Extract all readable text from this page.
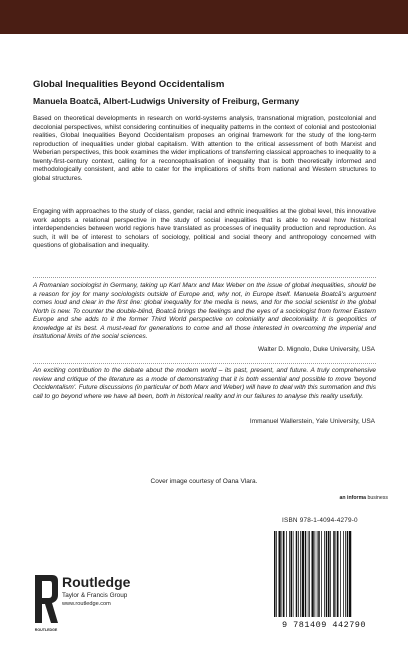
Global Inequalities Beyond Occidentalism
Manuela Boatcă, Albert-Ludwigs University of Freiburg, Germany

Based on theoretical developments in research on world-systems analysis, transnational migration, postcolonial and decolonial perspectives, whilst considering continuities of inequality patterns in the context of colonial and postcolonial realities, Global Inequalities Beyond Occidentalism proposes an original framework for the study of the long-term reproduction of inequalities under global capitalism. With attention to the critical assessment of both Marxist and Weberian perspectives, this book examines the wider implications of transferring classical approaches to inequality to a twenty-first-century context, calling for a reconceptualisation of inequality that is both theoretically informed and methodologically consistent, and able to cater for the implications of shifts from national and Western structures to global structures.

Engaging with approaches to the study of class, gender, racial and ethnic inequalities at the global level, this innovative work adopts a relational perspective in the study of social inequalities that is able to reveal how historical interdependencies between world regions have translated as processes of inequality production and reproduction. As such, it will be of interest to scholars of sociology, political and social theory and anthropology concerned with questions of globalisation and inequality.

A Romanian sociologist in Germany, taking up Karl Marx and Max Weber on the issue of global inequalities, should be a reason for joy for many sociologists outside of Europe and, why not, in Europe itself. Manuela Boatcă's argument comes loud and clear in the first line: global inequality for the media is news, and for the social scientist in the global North is new. To counter the double-blind, Boatcă brings the feelings and the eyes of a sociologist from former Eastern Europe and she adds to it the former Third World perspective on coloniality and decoloniality. It is geopolitics of knowledge at its best. A must-read for generations to come and all those interested in overcoming the imperial and institutional limits of the social sciences.

Walter D. Mignolo, Duke University, USA

An exciting contribution to the debate about the modern world – its past, present, and future. A truly comprehensive review and critique of the literature as a mode of demonstrating that it is both essential and possible to move 'beyond Occidentalism'. Future discussions (in particular of both Marx and Weber) will have to deal with this summation and this call to go beyond where we have all been, both in historical reality and in our failures to analyse this reality usefully.

Immanuel Wallerstein, Yale University, USA
Cover image courtesy of Oana Vlara.
an informa business
ISBN 978-1-4094-4279-0
9 781409 442790
ROUTLEDGE
Routledge
Taylor & Francis Group
www.routledge.com
